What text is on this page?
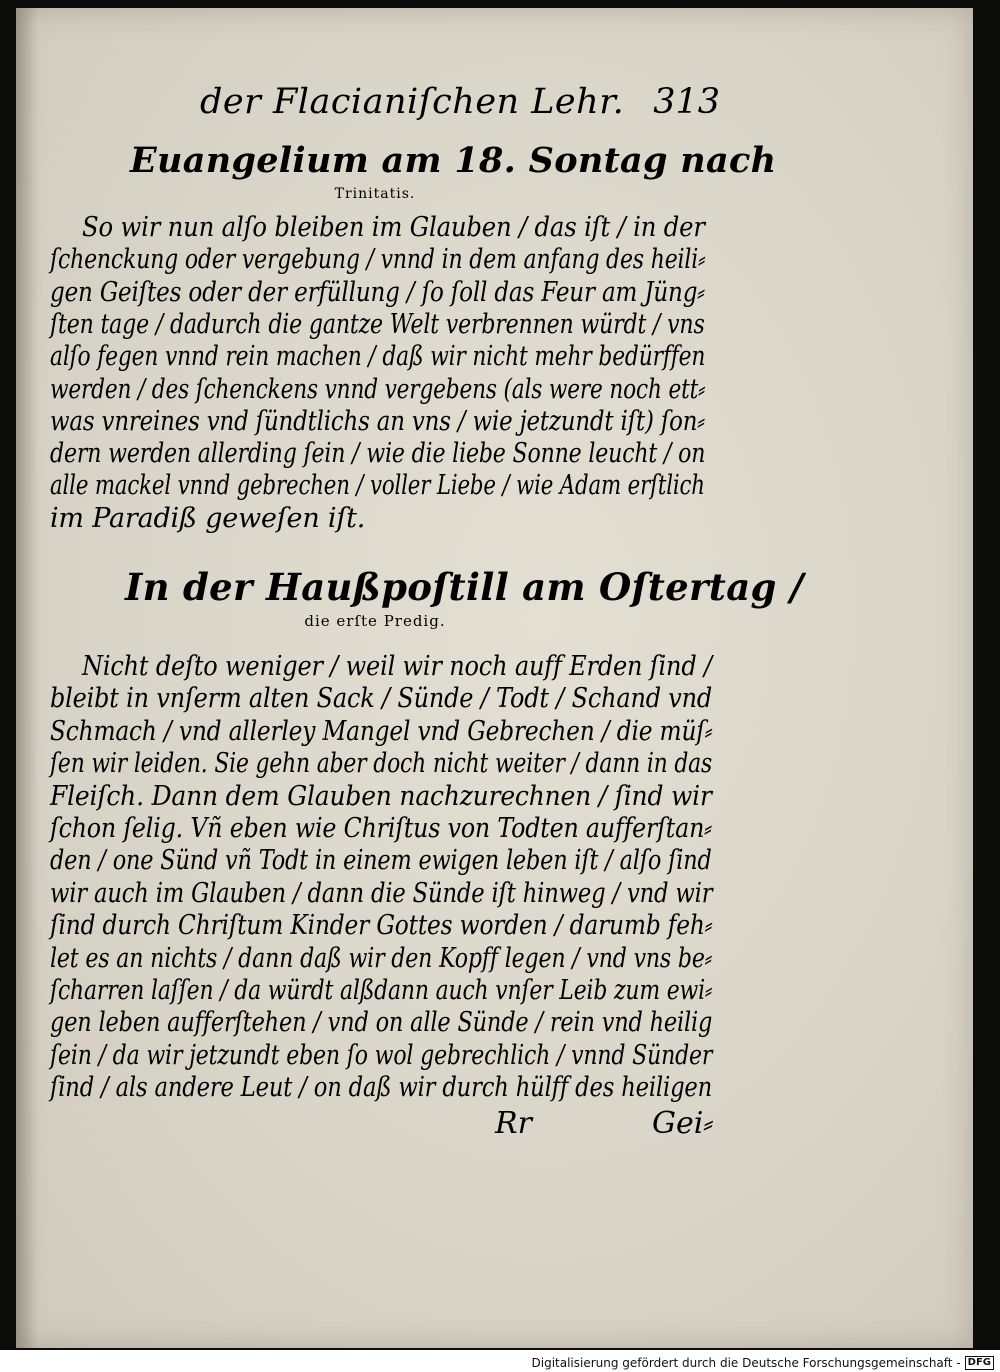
der Flacianiſchen Lehr. 313
Euangelium am 18. Sontag nach
Trinitatis.
So wir nun alſo bleiben im Glauben / das iſt / in der
ſchenckung oder vergebung / vnnd in dem anfang des heili⸗
gen Geiſtes oder der erfüllung / ſo ſoll das Feur am Jüng⸗
ſten tage / dadurch die gantze Welt verbrennen würdt / vns
alſo fegen vnnd rein machen / daß wir nicht mehr bedürffen
werden / des ſchenckens vnnd vergebens (als were noch ett⸗
was vnreines vnd ſündtlichs an vns / wie jetzundt iſt) ſon⸗
dern werden allerding ſein / wie die liebe Sonne leucht / on
alle mackel vnnd gebrechen / voller Liebe / wie Adam erſtlich
im Paradiß geweſen iſt.
In der Haußpoſtill am Oſtertag /
die erſte Predig.
Nicht deſto weniger / weil wir noch auff Erden ſind /
bleibt in vnſerm alten Sack / Sünde / Todt / Schand vnd
Schmach / vnd allerley Mangel vnd Gebrechen / die müſ⸗
ſen wir leiden. Sie gehn aber doch nicht weiter / dann in das
Fleiſch. Dann dem Glauben nachzurechnen / ſind wir
ſchon ſelig. Vñ eben wie Chriſtus von Todten aufferſtan⸗
den / one Sünd vñ Todt in einem ewigen leben iſt / alſo ſind
wir auch im Glauben / dann die Sünde iſt hinweg / vnd wir
ſind durch Chriſtum Kinder Gottes worden / darumb feh⸗
let es an nichts / dann daß wir den Kopff legen / vnd vns be⸗
ſcharren laſſen / da würdt alßdann auch vnſer Leib zum ewi⸗
gen leben aufferſtehen / vnd on alle Sünde / rein vnd heilig
ſein / da wir jetzundt eben ſo wol gebrechlich / vnnd Sünder
ſind / als andere Leut / on daß wir durch hülff des heiligen
Rr	Gei⸗
Digitalisierung gefördert durch die Deutsche Forschungsgemeinschaft - DFG
